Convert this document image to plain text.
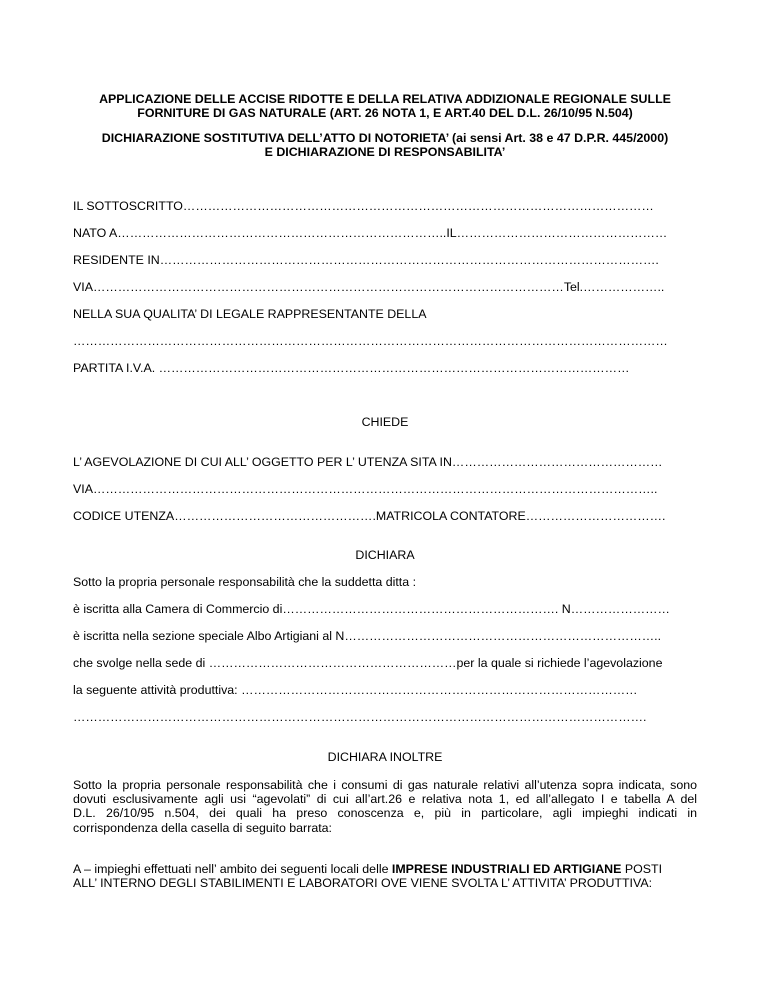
APPLICAZIONE DELLE ACCISE RIDOTTE E DELLA RELATIVA ADDIZIONALE REGIONALE SULLE
FORNITURE DI GAS NATURALE (ART. 26 NOTA 1, E ART.40 DEL D.L. 26/10/95 N.504)
DICHIARAZIONE SOSTITUTIVA DELL’ATTO DI NOTORIETA’ (ai sensi Art. 38 e 47 D.P.R. 445/2000)
E DICHIARAZIONE DI RESPONSABILITA’
IL SOTTOSCRITTO……………………………………………………………………………………………………
NATO A……………………………………………………………………..IL……………………………………………
RESIDENTE IN………………………………………………………………………………………………………….
VIA……………………………………………………………………………………………………Tel.………………..
NELLA SUA QUALITA’ DI LEGALE RAPPRESENTANTE DELLA
………………………………………………………………………………………………………………………………
PARTITA I.V.A. ……………………………………………………………………………………………………
CHIEDE
L’ AGEVOLAZIONE DI CUI ALL’ OGGETTO PER L’ UTENZA SITA IN……………………………………………
VIA………………………………………………………………………………………………………………………..
CODICE UTENZA………………………………………….MATRICOLA CONTATORE…………………………….
DICHIARA
Sotto la propria personale responsabilità che la suddetta ditta :
è iscritta alla Camera di Commercio di…………………………………………………………. N……………………
è iscritta nella sezione speciale Albo Artigiani al N…………………………………………………………………..
che svolge nella sede di ……………………………………………………per la quale si richiede l’agevolazione
la seguente attività produttiva: ……………………………………………………………………………………
………………………………………………………………………………………………………………………….
DICHIARA INOLTRE
Sotto la propria personale responsabilità che i consumi di gas naturale relativi all’utenza sopra indicata, sono
dovuti esclusivamente agli usi “agevolati” di cui all’art.26 e relativa nota 1, ed all’allegato I e tabella A del
D.L. 26/10/95 n.504, dei quali ha preso conoscenza e, più in particolare, agli impieghi indicati in
corrispondenza della casella di seguito barrata:
A – impieghi effettuati nell’ ambito dei seguenti locali delle IMPRESE INDUSTRIALI ED ARTIGIANE POSTI
ALL’ INTERNO DEGLI STABILIMENTI E LABORATORI OVE VIENE SVOLTA L’ ATTIVITA’ PRODUTTIVA:
